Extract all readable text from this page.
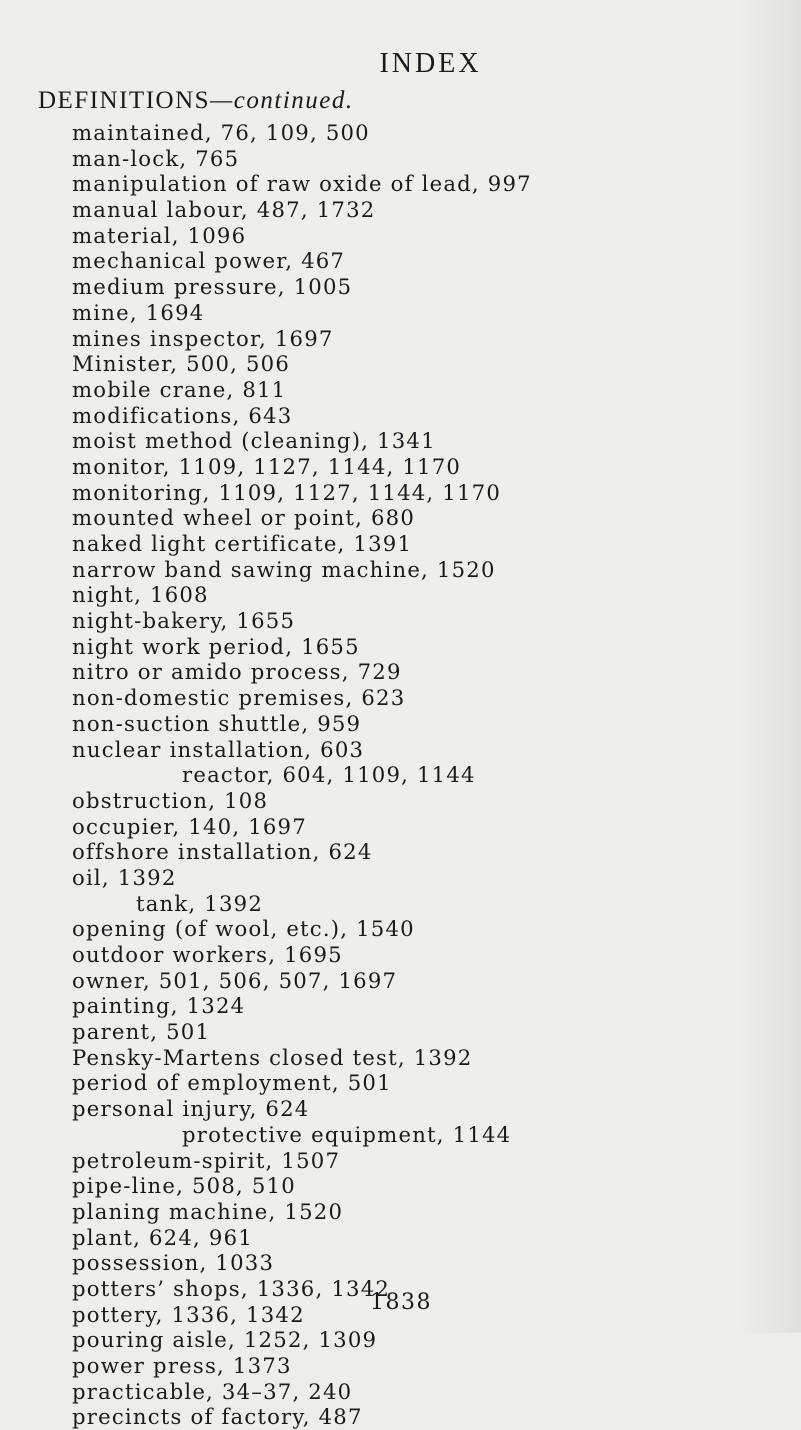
INDEX
DEFINITIONS—continued.
maintained, 76, 109, 500
man-lock, 765
manipulation of raw oxide of lead, 997
manual labour, 487, 1732
material, 1096
mechanical power, 467
medium pressure, 1005
mine, 1694
mines inspector, 1697
Minister, 500, 506
mobile crane, 811
modifications, 643
moist method (cleaning), 1341
monitor, 1109, 1127, 1144, 1170
monitoring, 1109, 1127, 1144, 1170
mounted wheel or point, 680
naked light certificate, 1391
narrow band sawing machine, 1520
night, 1608
night-bakery, 1655
night work period, 1655
nitro or amido process, 729
non-domestic premises, 623
non-suction shuttle, 959
nuclear installation, 603
reactor, 604, 1109, 1144
obstruction, 108
occupier, 140, 1697
offshore installation, 624
oil, 1392
tank, 1392
opening (of wool, etc.), 1540
outdoor workers, 1695
owner, 501, 506, 507, 1697
painting, 1324
parent, 501
Pensky-Martens closed test, 1392
period of employment, 501
personal injury, 624
protective equipment, 1144
petroleum-spirit, 1507
pipe-line, 508, 510
planing machine, 1520
plant, 624, 961
possession, 1033
potters’ shops, 1336, 1342
pottery, 1336, 1342
pouring aisle, 1252, 1309
power press, 1373
practicable, 34–37, 240
precincts of factory, 487
1838
